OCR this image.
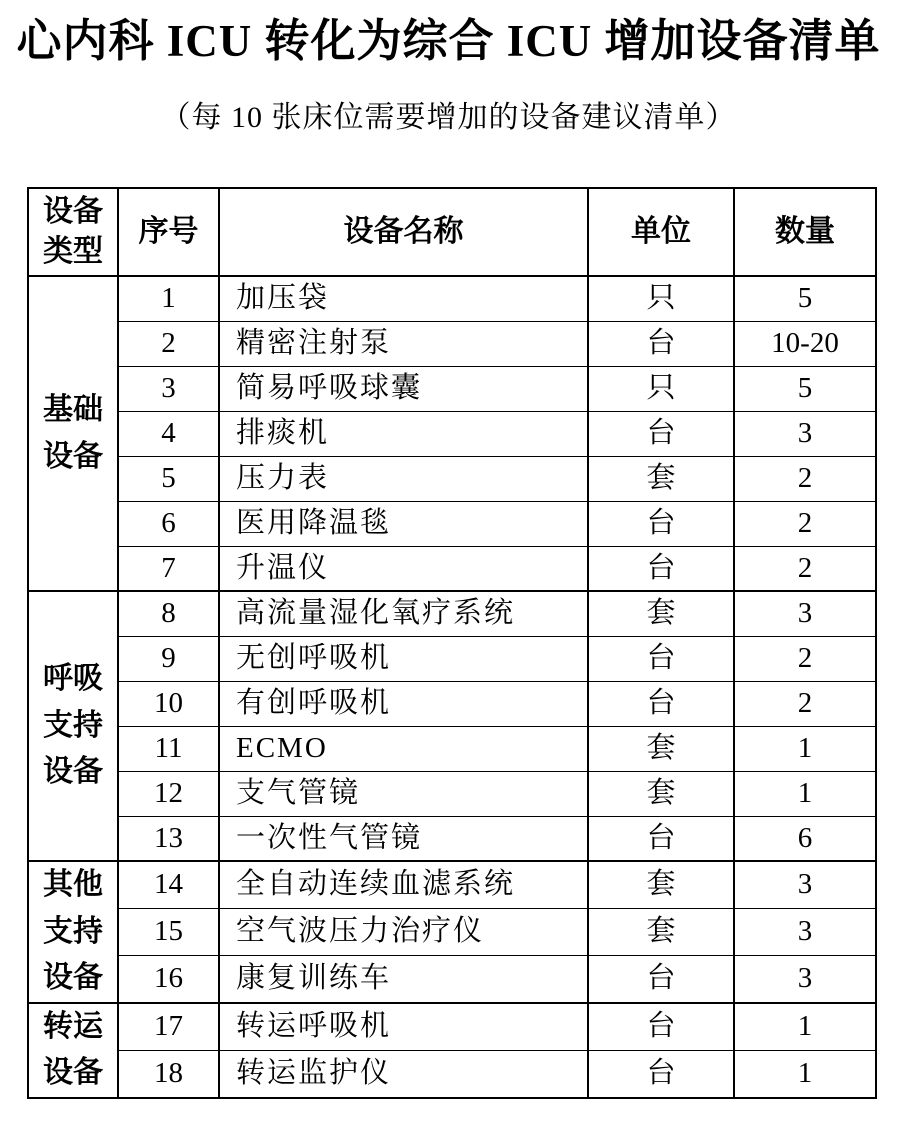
心内科 ICU 转化为综合 ICU 增加设备清单
（每 10 张床位需要增加的设备建议清单）
设备类型	序号	设备名称	单位	数量
基础设备	1	加压袋	只	5
	2	精密注射泵	台	10-20
	3	简易呼吸球囊	只	5
	4	排痰机	台	3
	5	压力表	套	2
	6	医用降温毯	台	2
	7	升温仪	台	2
呼吸支持设备	8	高流量湿化氧疗系统	套	3
	9	无创呼吸机	台	2
	10	有创呼吸机	台	2
	11	ECMO	套	1
	12	支气管镜	套	1
	13	一次性气管镜	台	6
其他支持设备	14	全自动连续血滤系统	套	3
	15	空气波压力治疗仪	套	3
	16	康复训练车	台	3
转运设备	17	转运呼吸机	台	1
	18	转运监护仪	台	1
